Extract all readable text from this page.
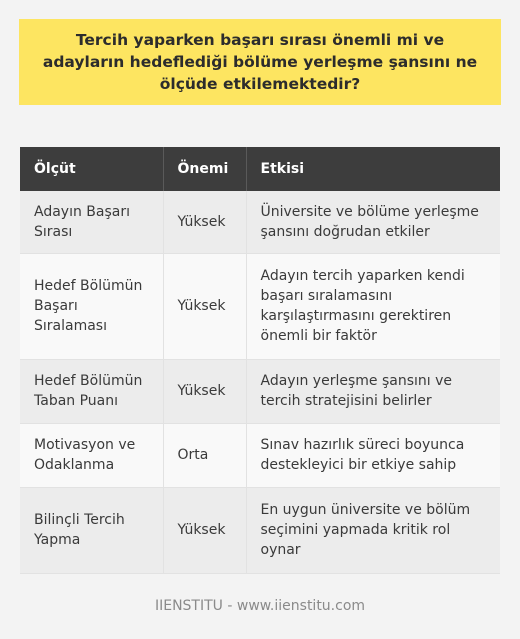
Tercih yaparken başarı sırası önemli mi ve adayların hedeflediği bölüme yerleşme şansını ne ölçüde etkilemektedir?
Ölçüt	Önemi	Etkisi
Adayın Başarı Sırası	Yüksek	Üniversite ve bölüme yerleşme şansını doğrudan etkiler
Hedef Bölümün Başarı Sıralaması	Yüksek	Adayın tercih yaparken kendi başarı sıralamasını karşılaştırmasını gerektiren önemli bir faktör
Hedef Bölümün Taban Puanı	Yüksek	Adayın yerleşme şansını ve tercih stratejisini belirler
Motivasyon ve Odaklanma	Orta	Sınav hazırlık süreci boyunca destekleyici bir etkiye sahip
Bilinçli Tercih Yapma	Yüksek	En uygun üniversite ve bölüm seçimini yapmada kritik rol oynar
IIENSTITU - www.iienstitu.com
